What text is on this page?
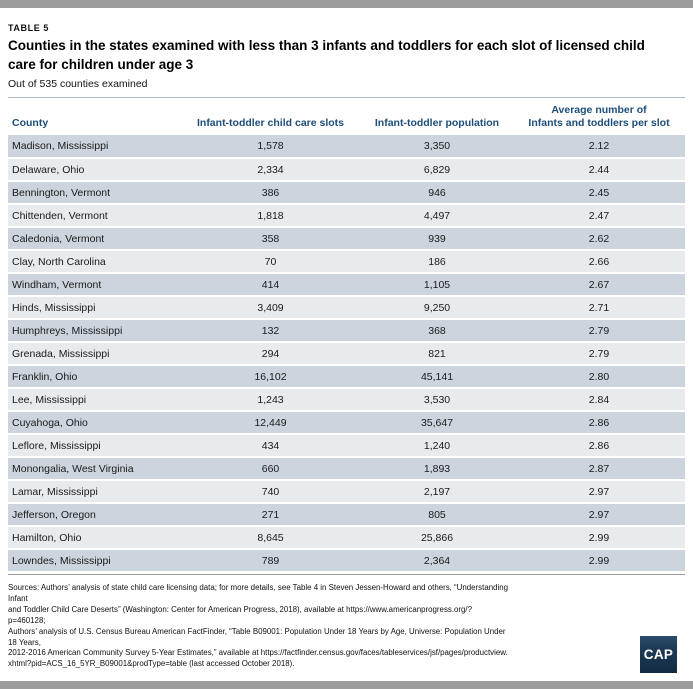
TABLE 5
Counties in the states examined with less than 3 infants and toddlers for each slot of licensed child care for children under age 3
Out of 535 counties examined
County	Infant-toddler child care slots	Infant-toddler population	Average number of
Infants and toddlers per slot
Madison, Mississippi	1,578	3,350	2.12
Delaware, Ohio	2,334	6,829	2.44
Bennington, Vermont	386	946	2.45
Chittenden, Vermont	1,818	4,497	2.47
Caledonia, Vermont	358	939	2.62
Clay, North Carolina	70	186	2.66
Windham, Vermont	414	1,105	2.67
Hinds, Mississippi	3,409	9,250	2.71
Humphreys, Mississippi	132	368	2.79
Grenada, Mississippi	294	821	2.79
Franklin, Ohio	16,102	45,141	2.80
Lee, Mississippi	1,243	3,530	2.84
Cuyahoga, Ohio	12,449	35,647	2.86
Leflore, Mississippi	434	1,240	2.86
Monongalia, West Virginia	660	1,893	2.87
Lamar, Mississippi	740	2,197	2.97
Jefferson, Oregon	271	805	2.97
Hamilton, Ohio	8,645	25,866	2.99
Lowndes, Mississippi	789	2,364	2.99
Sources: Authors’ analysis of state child care licensing data; for more details, see Table 4 in Steven Jessen-Howard and others, “Understanding Infant
and Toddler Child Care Deserts” (Washington: Center for American Progress, 2018), available at https://www.americanprogress.org/?p=460128;
Authors’ analysis of U.S. Census Bureau American FactFinder, “Table B09001: Population Under 18 Years by Age, Universe: Population Under 18 Years,
2012-2016 American Community Survey 5-Year Estimates,” available at https://factfinder.census.gov/faces/tableservices/jsf/pages/productview.
xhtml?pid=ACS_16_5YR_B09001&prodType=table (last accessed October 2018).
CAP
